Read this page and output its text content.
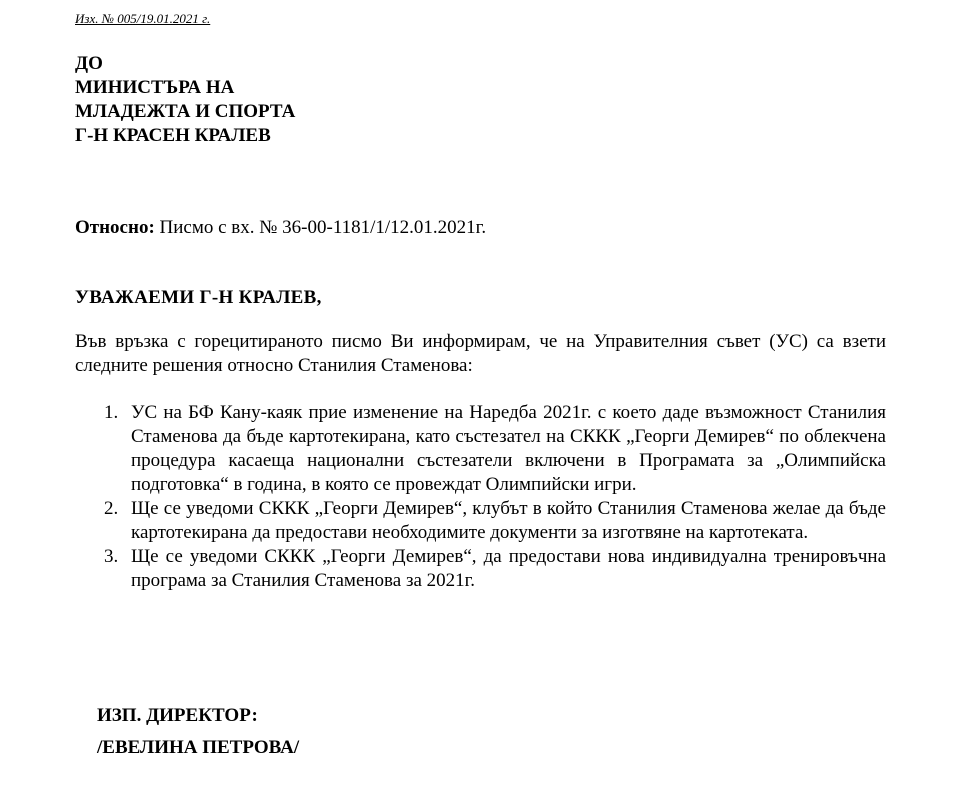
Изх. № 005/19.01.2021 г.
ДО
МИНИСТЪРА НА
МЛАДЕЖТА И СПОРТА
Г-Н КРАСЕН КРАЛЕВ
Относно: Писмо с вх. № 36-00-1181/1/12.01.2021г.
УВАЖАЕМИ Г-Н КРАЛЕВ,
Във връзка с горецитираното писмо Ви информирам, че на Управителния съвет (УС) са взети следните решения относно Станилия Стаменова:
1. УС на БФ Кану-каяк прие изменение на Наредба 2021г. с което даде възможност Станилия Стаменова да бъде картотекирана, като състезател на СККК „Георги Демирев“ по облекчена процедура касаеща национални състезатели включени в Програмата за „Олимпийска подготовка“ в година, в която се провеждат Олимпийски игри.
2. Ще се уведоми СККК „Георги Демирев“, клубът в който Станилия Стаменова желае да бъде картотекирана да предостави необходимите документи за изготвяне на картотеката.
3. Ще се уведоми СККК „Георги Демирев“, да предостави нова индивидуална тренировъчна програма за Станилия Стаменова за 2021г.
ИЗП. ДИРЕКТОР:
/ЕВЕЛИНА ПЕТРОВА/
